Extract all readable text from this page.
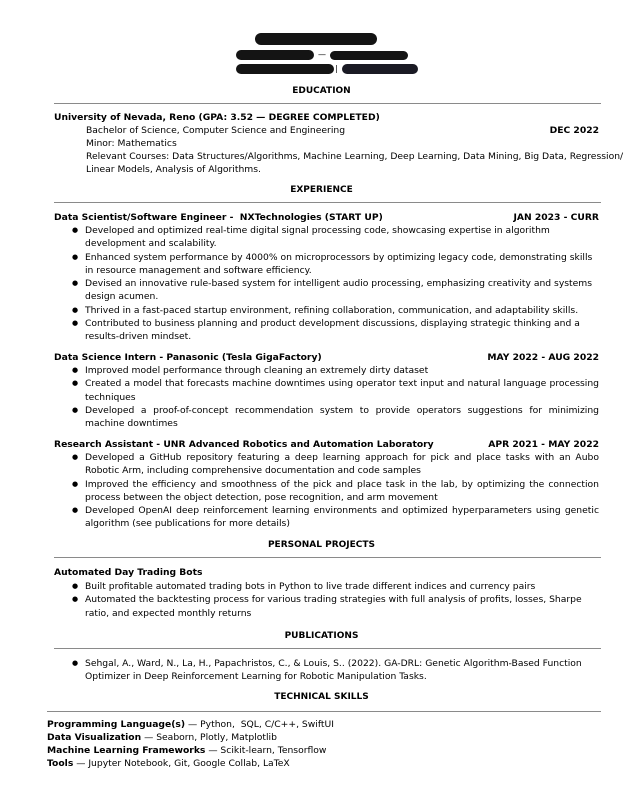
—
|
EDUCATION
University of Nevada, Reno (GPA: 3.52 — DEGREE COMPLETED)
Bachelor of Science, Computer Science and Engineering	DEC 2022
Minor: Mathematics
Relevant Courses: Data Structures/Algorithms, Machine Learning, Deep Learning, Data Mining, Big Data, Regression/
Linear Models, Analysis of Algorithms.
EXPERIENCE
Data Scientist/Software Engineer -  NXTechnologies (START UP)	JAN 2023 - CURR
● Developed and optimized real-time digital signal processing code, showcasing expertise in algorithm development and scalability.
● Enhanced system performance by 4000% on microprocessors by optimizing legacy code, demonstrating skills in resource management and software efficiency.
● Devised an innovative rule-based system for intelligent audio processing, emphasizing creativity and systems design acumen.
● Thrived in a fast-paced startup environment, refining collaboration, communication, and adaptability skills.
● Contributed to business planning and product development discussions, displaying strategic thinking and a results-driven mindset.
Data Science Intern - Panasonic (Tesla GigaFactory)	MAY 2022 - AUG 2022
● Improved model performance through cleaning an extremely dirty dataset
● Created a model that forecasts machine downtimes using operator text input and natural language processing techniques
● Developed a proof-of-concept recommendation system to provide operators suggestions for minimizing machine downtimes
Research Assistant - UNR Advanced Robotics and Automation Laboratory	APR 2021 - MAY 2022
● Developed a GitHub repository featuring a deep learning approach for pick and place tasks with an Aubo Robotic Arm, including comprehensive documentation and code samples
● Improved the efficiency and smoothness of the pick and place task in the lab, by optimizing the connection process between the object detection, pose recognition, and arm movement
● Developed OpenAI deep reinforcement learning environments and optimized hyperparameters using genetic algorithm (see publications for more details)
PERSONAL PROJECTS
Automated Day Trading Bots
● Built profitable automated trading bots in Python to live trade different indices and currency pairs
● Automated the backtesting process for various trading strategies with full analysis of profits, losses, Sharpe ratio, and expected monthly returns
PUBLICATIONS
● Sehgal, A., Ward, N., La, H., Papachristos, C., & Louis, S.. (2022). GA-DRL: Genetic Algorithm-Based Function Optimizer in Deep Reinforcement Learning for Robotic Manipulation Tasks.
TECHNICAL SKILLS
Programming Language(s) — Python,  SQL, C/C++, SwiftUI
Data Visualization — Seaborn, Plotly, Matplotlib
Machine Learning Frameworks — Scikit-learn, Tensorflow
Tools — Jupyter Notebook, Git, Google Collab, LaTeX
